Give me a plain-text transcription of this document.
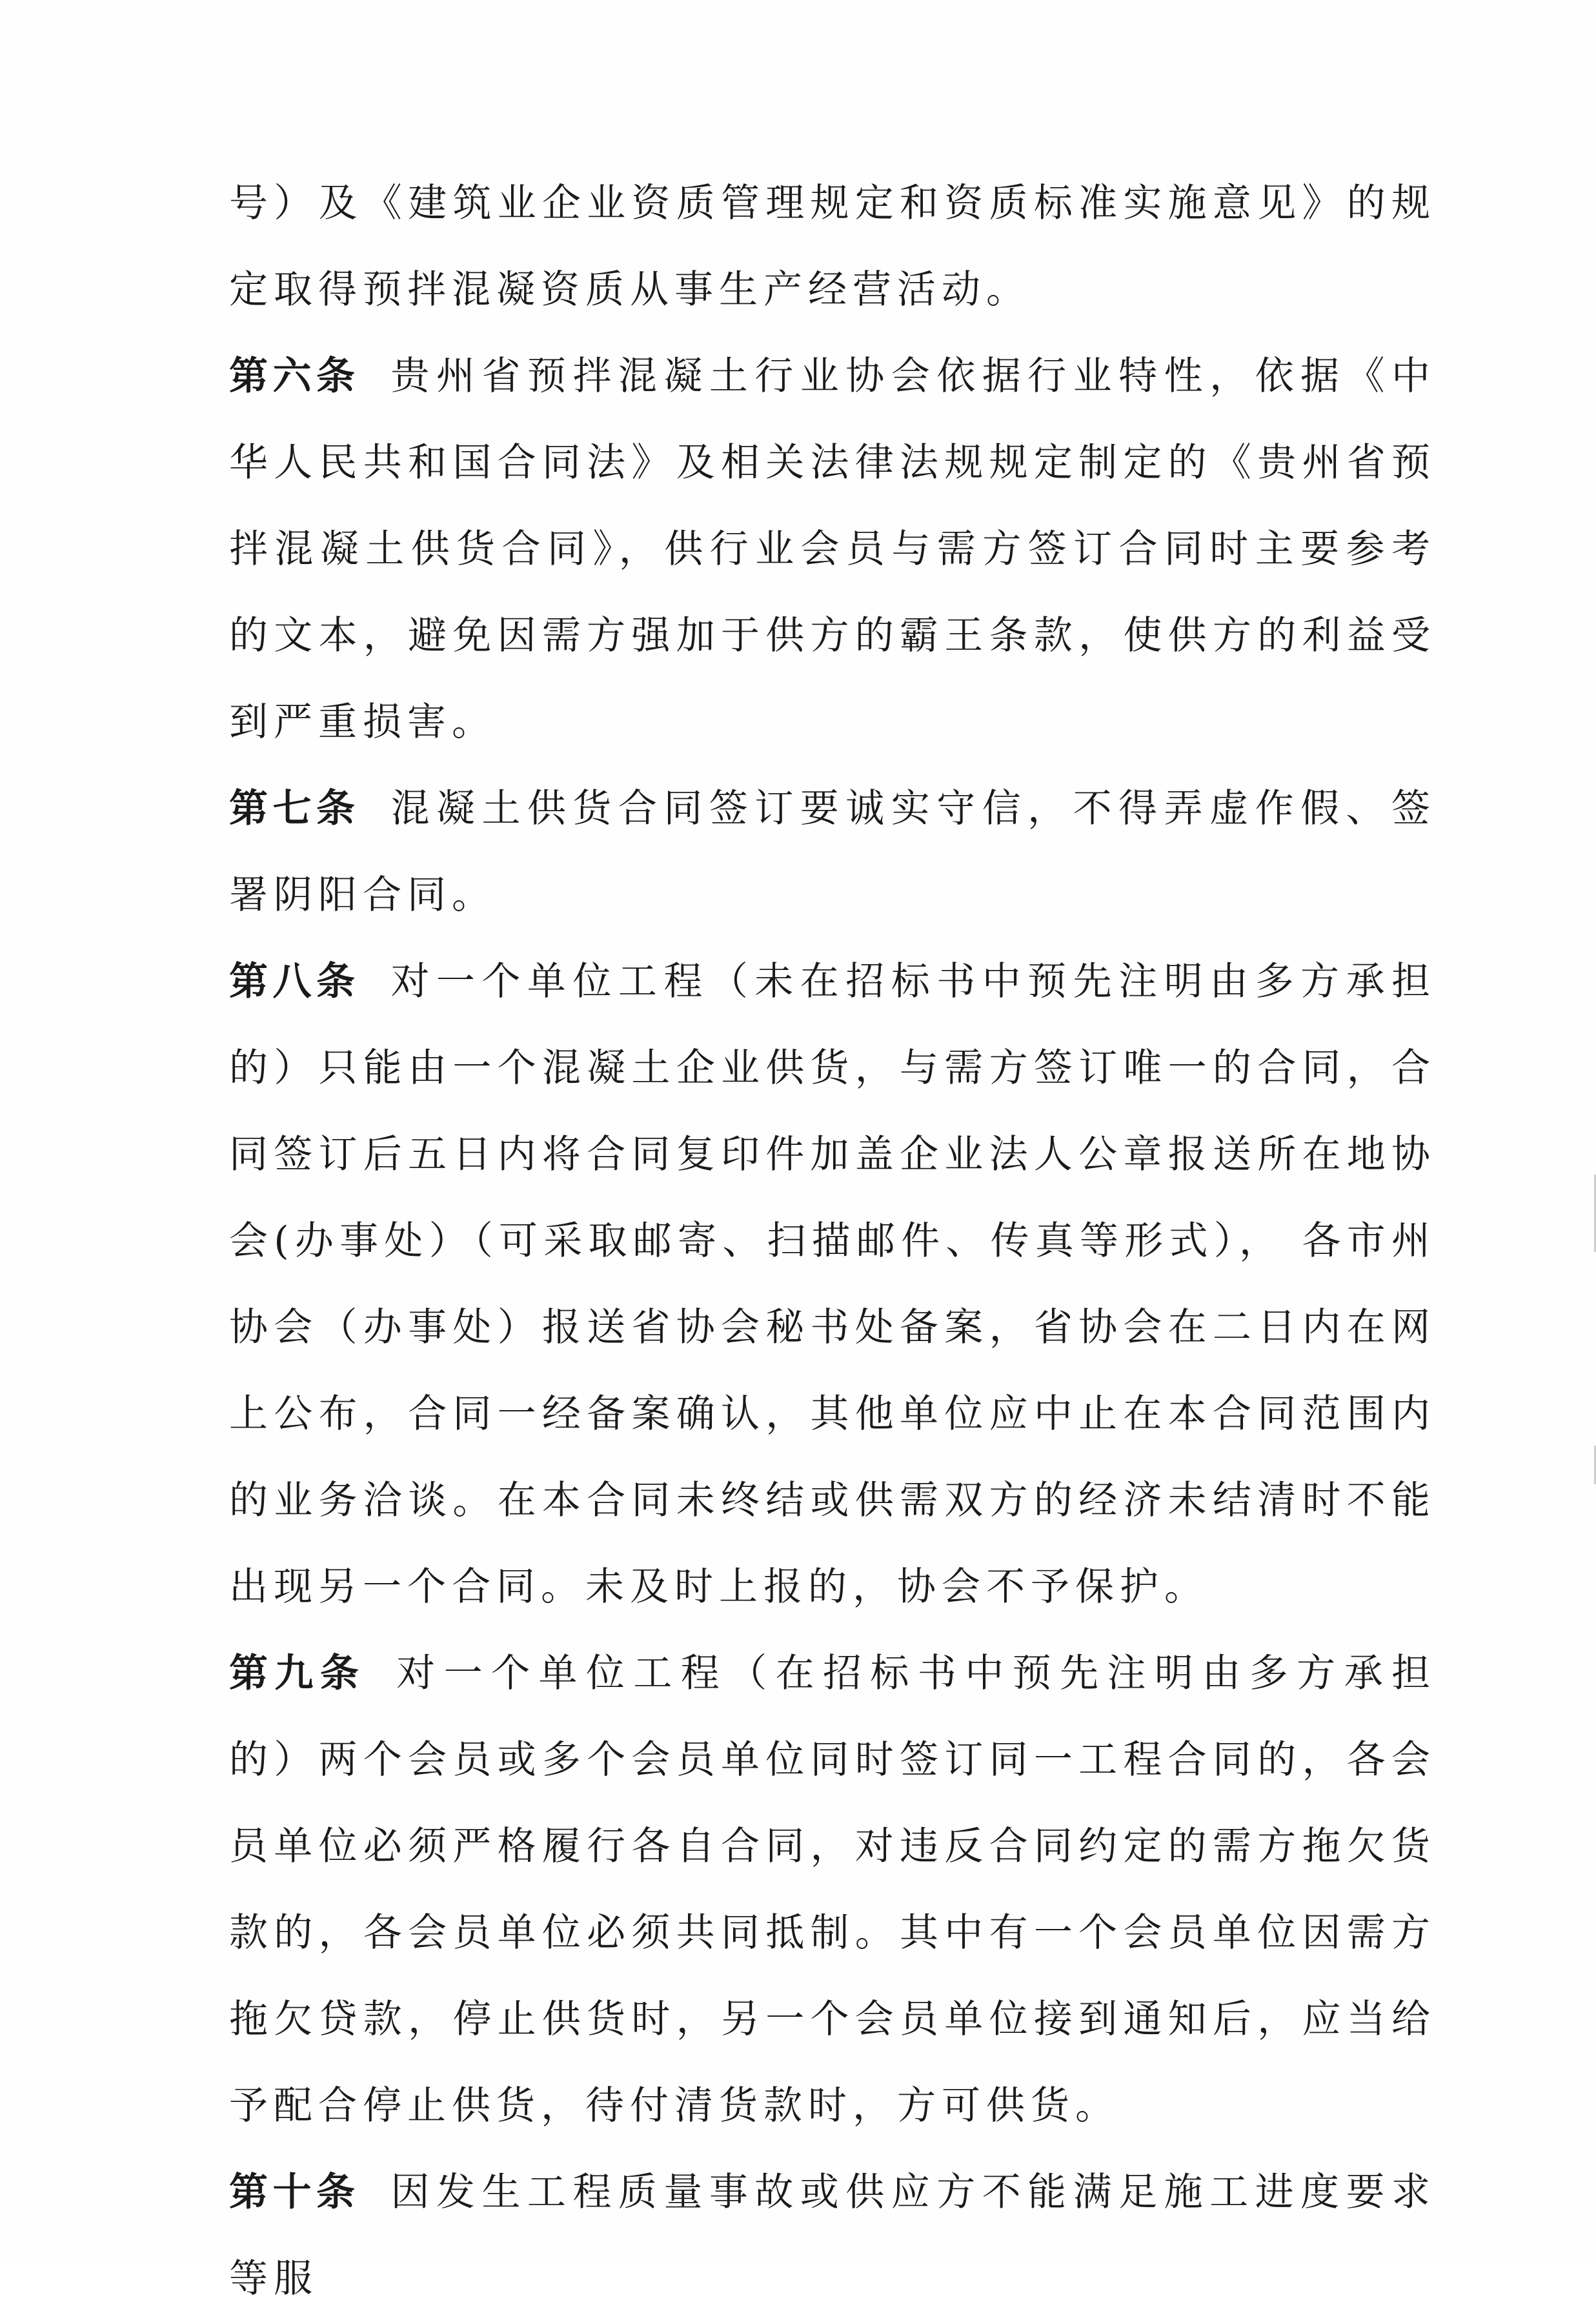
号）及《建筑业企业资质管理规定和资质标准实施意见》的规定取得预拌混凝资质从事生产经营活动。

第六条 贵州省预拌混凝土行业协会依据行业特性，依据《中华人民共和国合同法》及相关法律法规规定制定的《贵州省预拌混凝土供货合同》，供行业会员与需方签订合同时主要参考的文本，避免因需方强加于供方的霸王条款，使供方的利益受到严重损害。

第七条 混凝土供货合同签订要诚实守信，不得弄虚作假、签署阴阳合同。

第八条 对一个单位工程（未在招标书中预先注明由多方承担的）只能由一个混凝土企业供货，与需方签订唯一的合同，合同签订后五日内将合同复印件加盖企业法人公章报送所在地协会(办事处）（可采取邮寄、扫描邮件、传真等形式）， 各市州协会（办事处）报送省协会秘书处备案，省协会在二日内在网上公布，合同一经备案确认，其他单位应中止在本合同范围内的业务洽谈。在本合同未终结或供需双方的经济未结清时不能出现另一个合同。未及时上报的，协会不予保护。

第九条 对一个单位工程（在招标书中预先注明由多方承担的）两个会员或多个会员单位同时签订同一工程合同的，各会员单位必须严格履行各自合同，对违反合同约定的需方拖欠货款的，各会员单位必须共同抵制。其中有一个会员单位因需方拖欠贷款，停止供货时，另一个会员单位接到通知后，应当给予配合停止供货，待付清货款时，方可供货。

第十条 因发生工程质量事故或供应方不能满足施工进度要求等服
